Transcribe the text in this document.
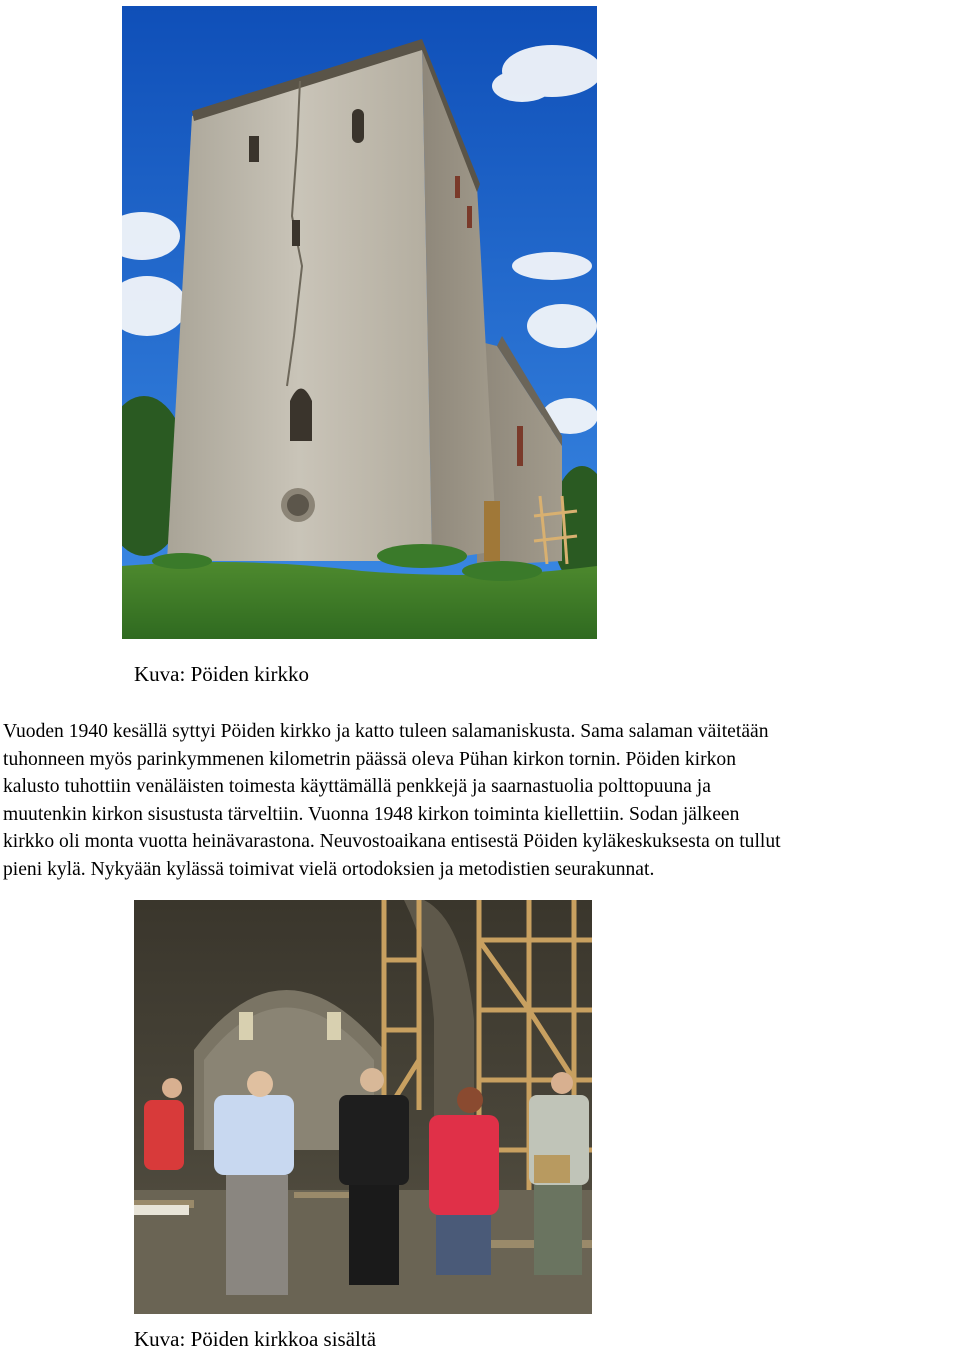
Kuva: Pöiden kirkko
Vuoden 1940 kesällä syttyi Pöiden kirkko ja katto tuleen salamaniskusta. Sama salaman väitetään
tuhonneen myös parinkymmenen kilometrin päässä oleva Pühan kirkon tornin. Pöiden kirkon
kalusto tuhottiin venäläisten toimesta käyttämällä penkkejä ja saarnastuolia polttopuuna ja
muutenkin kirkon sisustusta tärveltiin. Vuonna 1948 kirkon toiminta kiellettiin. Sodan jälkeen
kirkko oli monta vuotta heinävarastona. Neuvostoaikana entisestä Pöiden kyläkeskuksesta on tullut
pieni kylä. Nykyään kylässä toimivat vielä ortodoksien ja metodistien seurakunnat.
Kuva: Pöiden kirkkoa sisältä
